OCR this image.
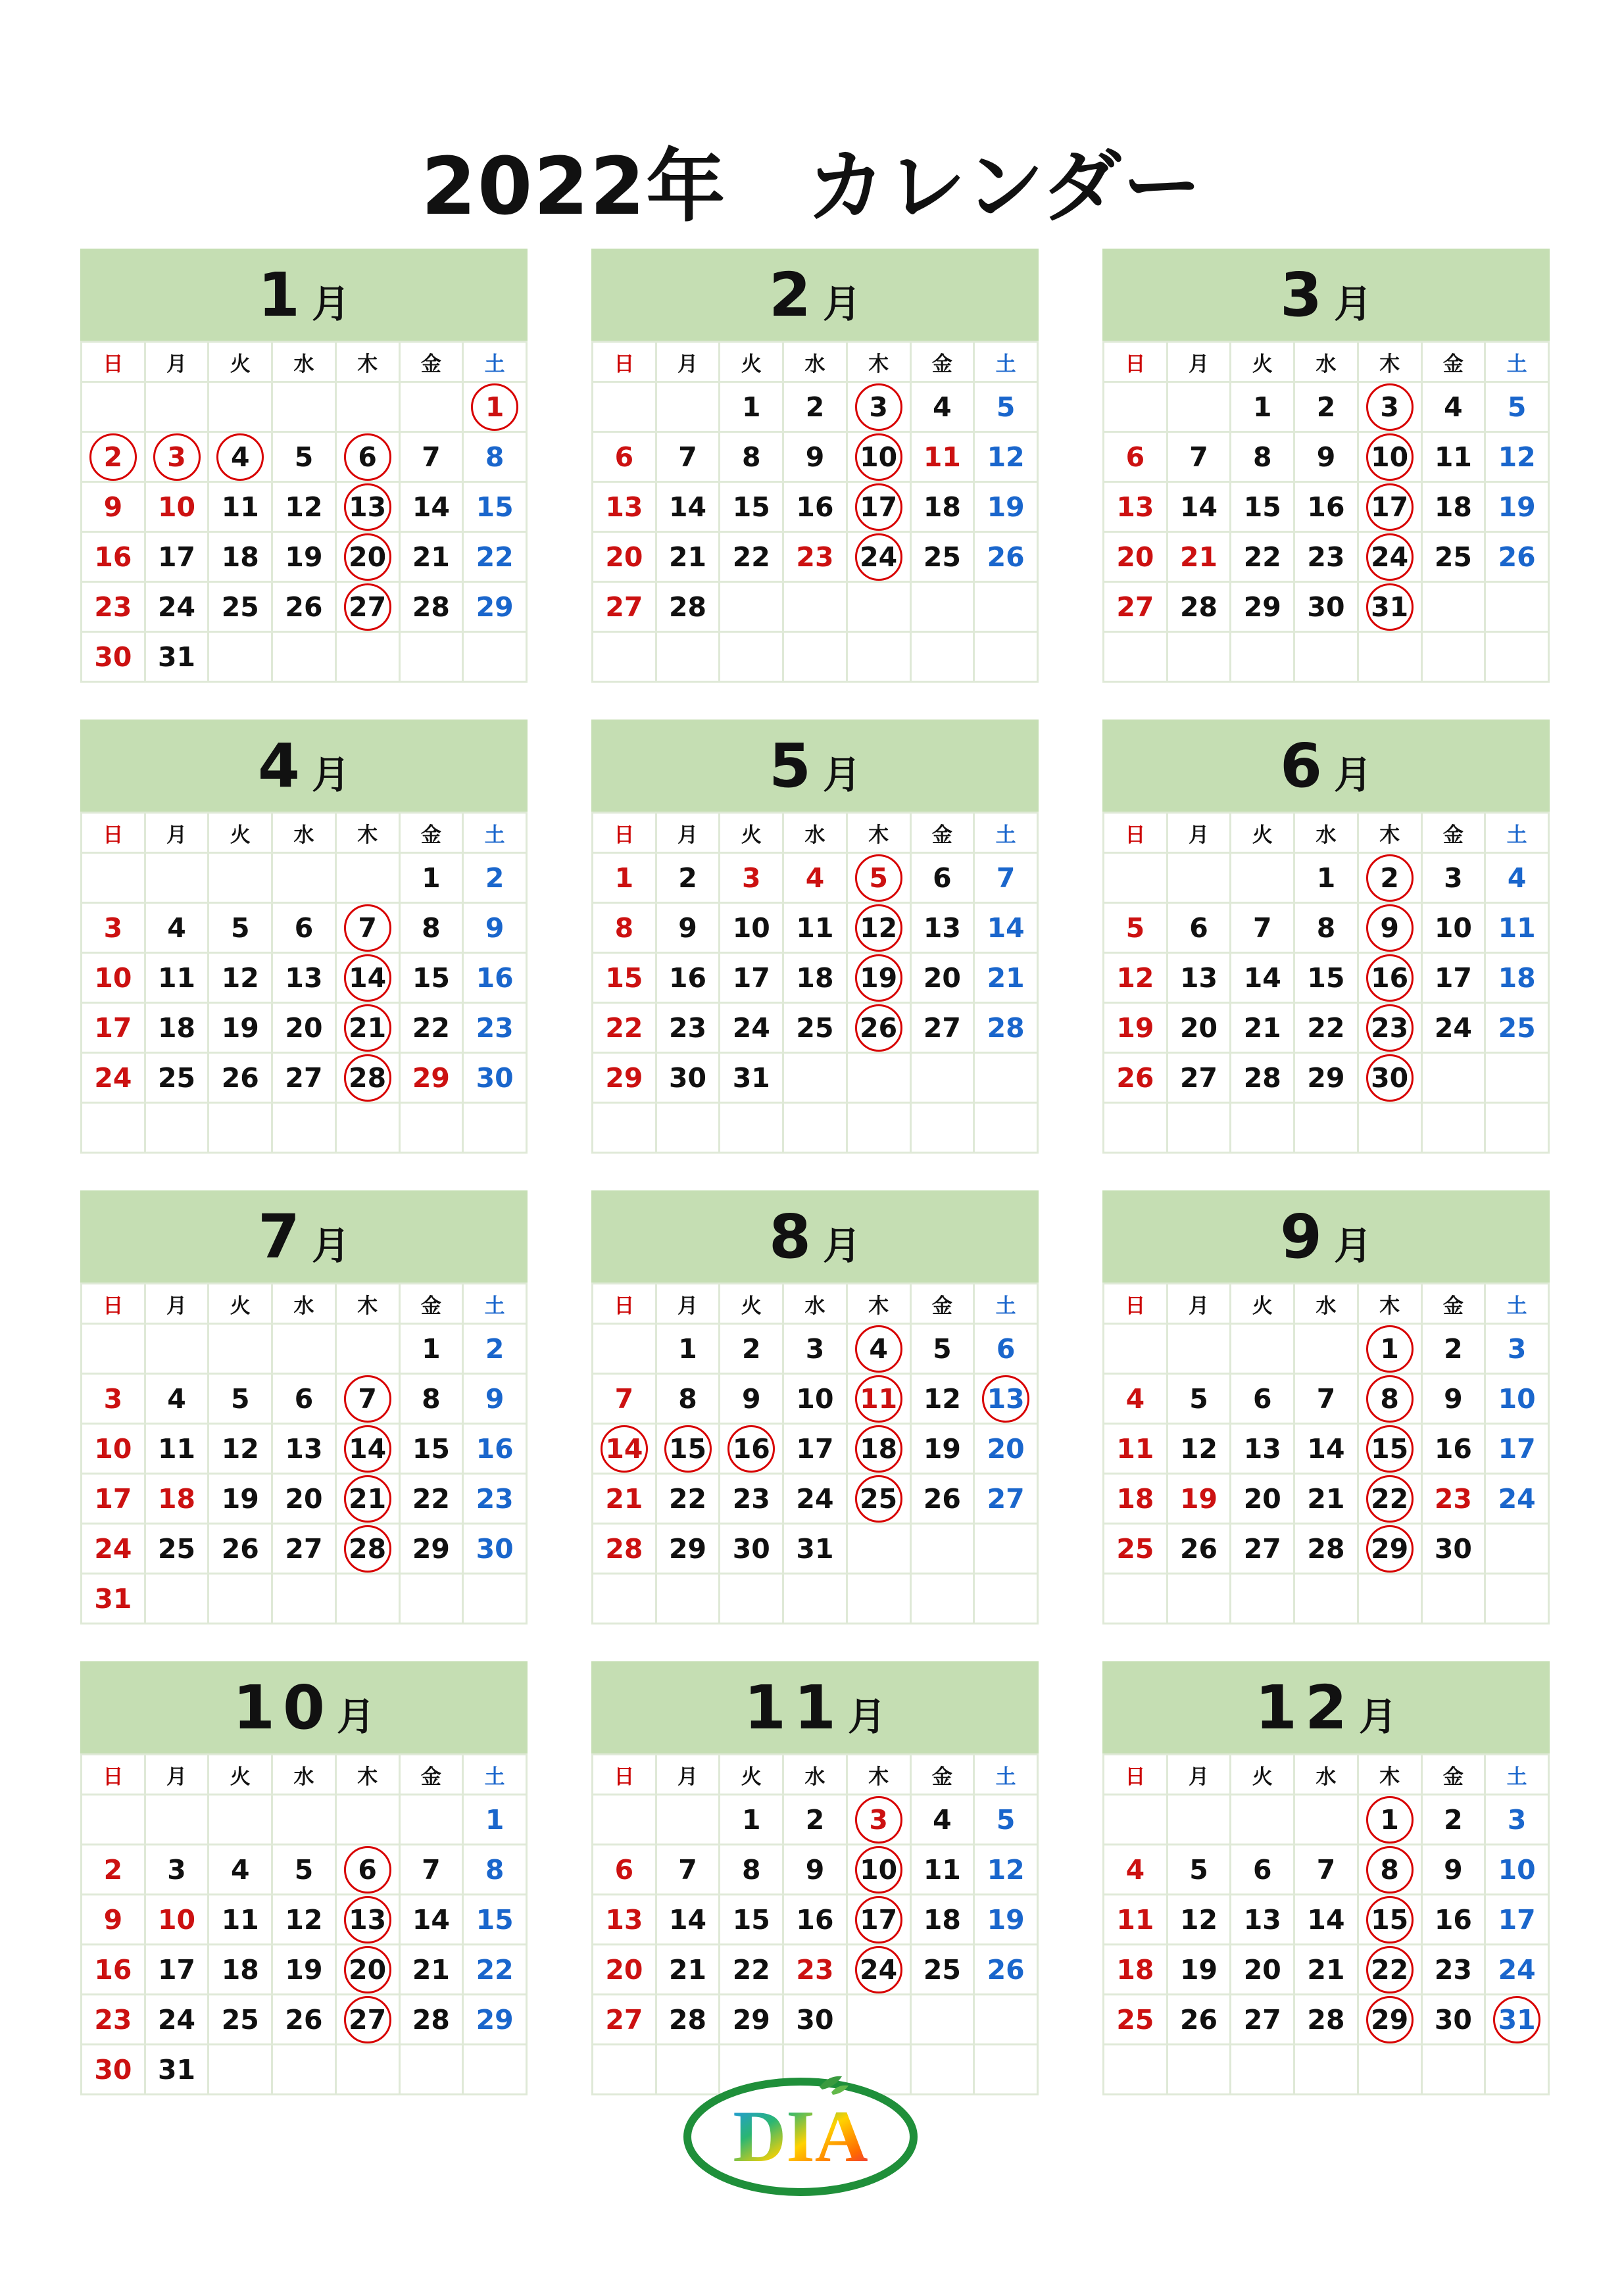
2022年　カレンダー
1 月
日	月	火	水	木	金	土
						1

2	3	4	5	6	7	8
9	10	11	12	13	14	15
16	17	18	19	20	21	22
23	24	25	26	27	28	29
30	31					
2 月
日	月	火	水	木	金	土
		1	2	3	4	5
6	7	8	9	10	11	12
13	14	15	16	17	18	19
20	21	22	23	24	25	26
27	28					

3 月
日	月	火	水	木	金	土
		1	2	3	4	5
6	7	8	9	10	11	12
13	14	15	16	17	18	19
20	21	22	23	24	25	26
27	28	29	30	31

4 月
日	月	火	水	木	金	土
					1	2
3	4	5	6	7	8	9
10	11	12	13	14	15	16
17	18	19	20	21	22	23
24	25	26	27	28	29	30

5 月
日	月	火	水	木	金	土
1	2	3	4	5	6	7
8	9	10	11	12	13	14
15	16	17	18	19	20	21
22	23	24	25	26	27	28
29	30	31				

6 月
日	月	火	水	木	金	土
			1	2	3	4
5	6	7	8	9	10	11
12	13	14	15	16	17	18
19	20	21	22	23	24	25
26	27	28	29	30

7 月
日	月	火	水	木	金	土
					1	2
3	4	5	6	7	8	9
10	11	12	13	14	15	16
17	18	19	20	21	22	23
24	25	26	27	28	29	30
31						
8 月
日	月	火	水	木	金	土
	1	2	3	4	5	6
7	8	9	10	11	12	13

14	15	16	17	18	19	20
21	22	23	24	25	26	27
28	29	30	31			

9 月
日	月	火	水	木	金	土
				1	2	3
4	5	6	7	8	9	10
11	12	13	14	15	16	17
18	19	20	21	22	23	24
25	26	27	28	29	30	

10 月
日	月	火	水	木	金	土
						1
2	3	4	5	6	7	8
9	10	11	12	13	14	15
16	17	18	19	20	21	22
23	24	25	26	27	28	29
30	31					
11 月
日	月	火	水	木	金	土
		1	2	3	4	5
6	7	8	9	10	11	12
13	14	15	16	17	18	19
20	21	22	23	24	25	26
27	28	29	30			

12 月
日	月	火	水	木	金	土
				1	2	3
4	5	6	7	8	9	10
11	12	13	14	15	16	17
18	19	20	21	22	23	24
25	26	27	28	29	30	31

DIA
